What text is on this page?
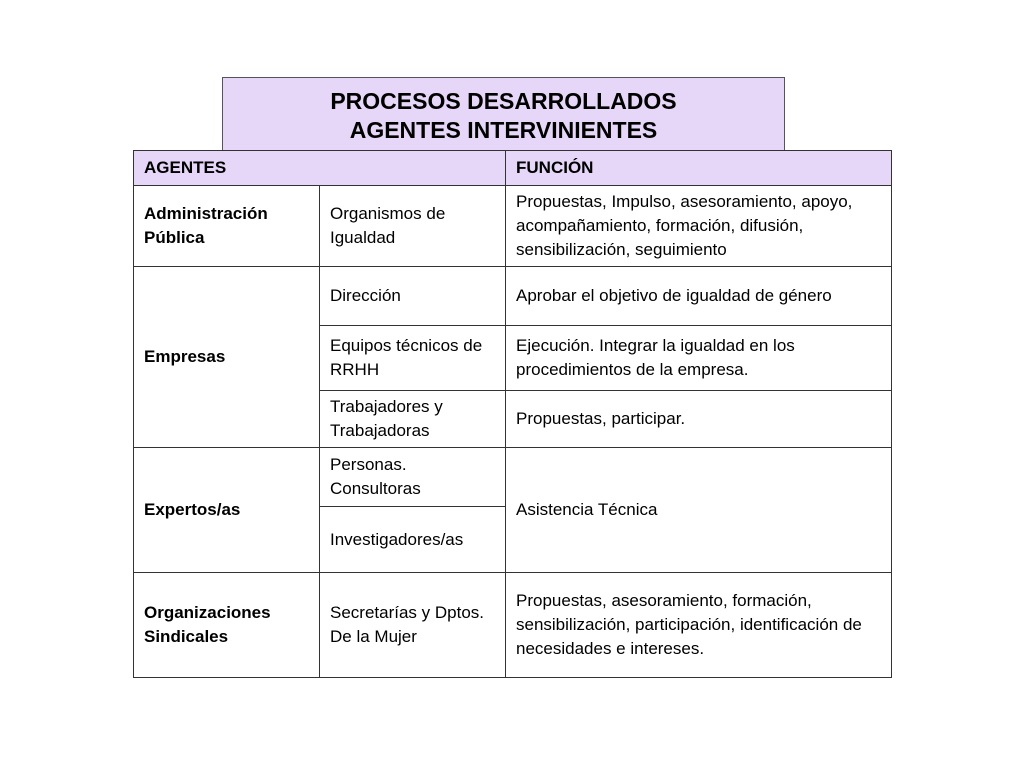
PROCESOS DESARROLLADOS
AGENTES INTERVINIENTES
AGENTES		FUNCIÓN
Administración Pública	Organismos de Igualdad	Propuestas, Impulso, asesoramiento, apoyo, acompañamiento, formación, difusión, sensibilización, seguimiento
Empresas	Dirección	Aprobar el objetivo de igualdad de género
	Equipos técnicos de RRHH	Ejecución. Integrar la igualdad en los procedimientos de la empresa.
	Trabajadores y Trabajadoras	Propuestas, participar.
Expertos/as	Personas. Consultoras	Asistencia Técnica
	Investigadores/as	
Organizaciones Sindicales	Secretarías y Dptos. De la Mujer	Propuestas, asesoramiento, formación, sensibilización, participación, identificación de necesidades e intereses.
